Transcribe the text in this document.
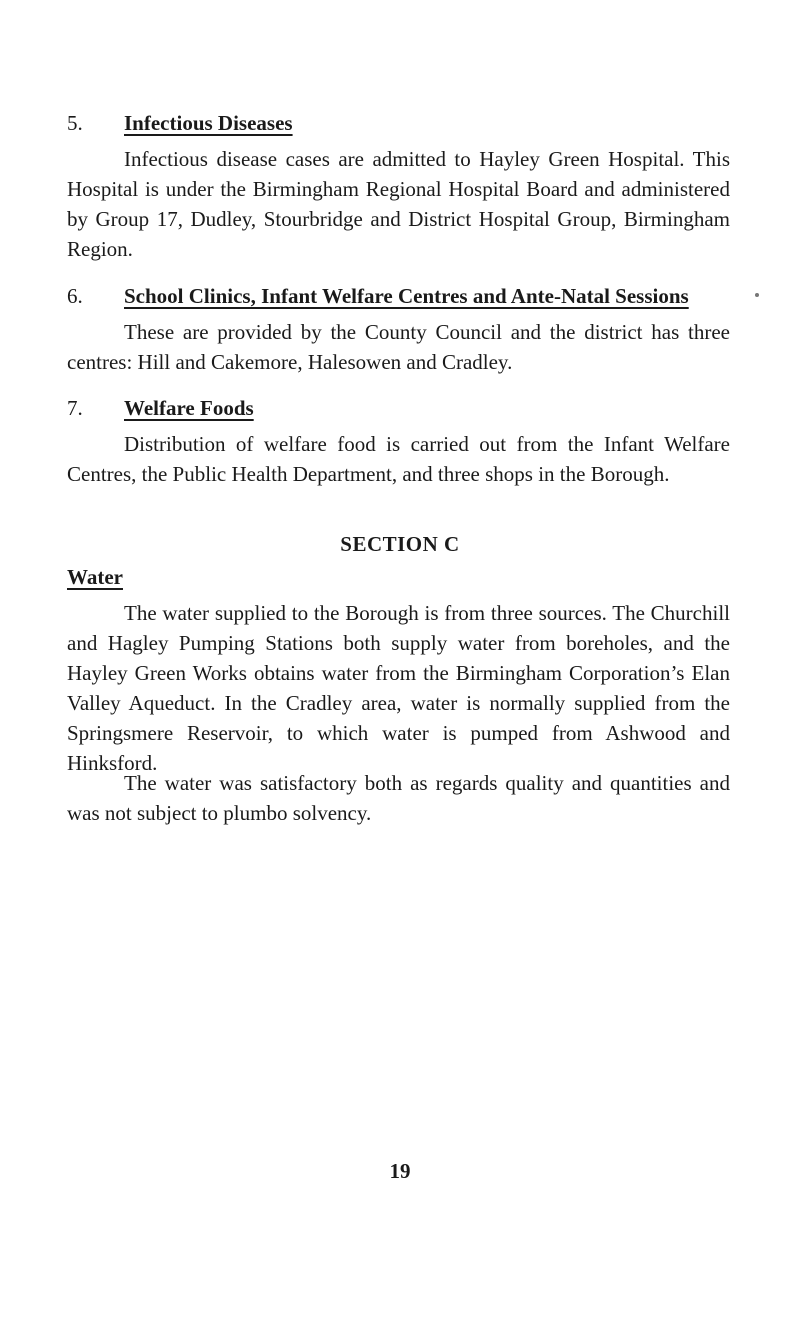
5. Infectious Diseases

Infectious disease cases are admitted to Hayley Green Hospital. This Hospital is under the Birmingham Regional Hospital Board and administered by Group 17, Dudley, Stourbridge and District Hospital Group, Birmingham Region.

6. School Clinics, Infant Welfare Centres and Ante-Natal Sessions

These are provided by the County Council and the district has three centres: Hill and Cakemore, Halesowen and Cradley.

7. Welfare Foods

Distribution of welfare food is carried out from the Infant Welfare Centres, the Public Health Department, and three shops in the Borough.

SECTION C
Water

The water supplied to the Borough is from three sources. The Churchill and Hagley Pumping Stations both supply water from boreholes, and the Hayley Green Works obtains water from the Birmingham Corporation’s Elan Valley Aqueduct. In the Cradley area, water is normally supplied from the Springsmere Reservoir, to which water is pumped from Ashwood and Hinksford.

The water was satisfactory both as regards quality and quantities and was not subject to plumbo solvency.

19
